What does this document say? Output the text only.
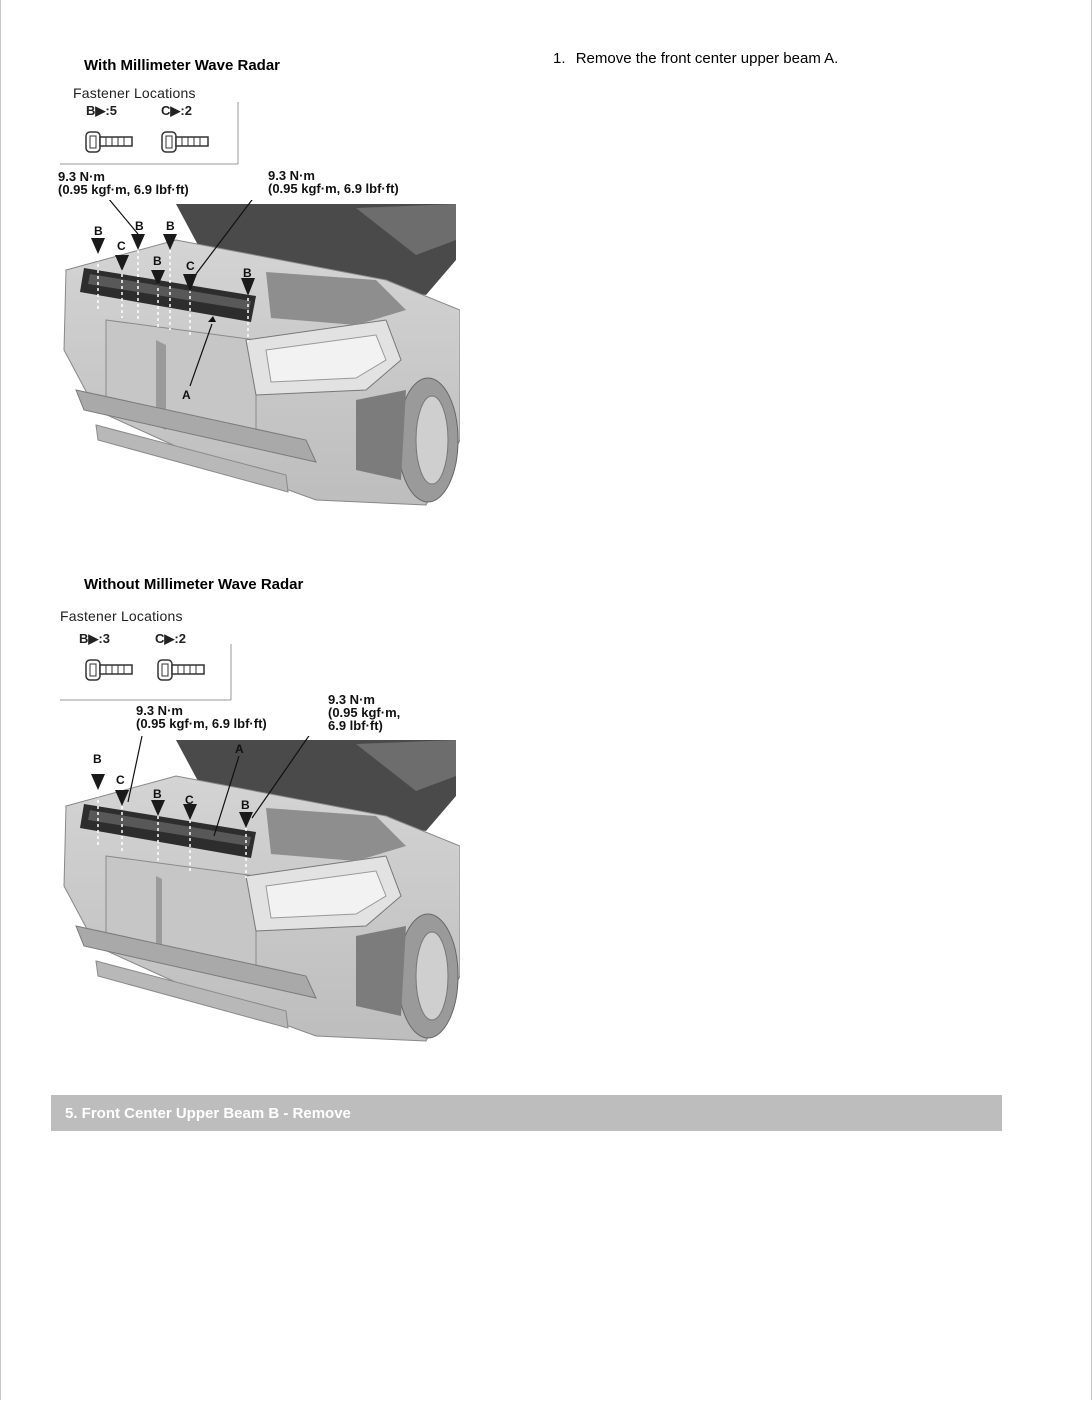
1. Remove the front center upper beam A.
With Millimeter Wave Radar
Fastener Locations
B▶:5	C▶:2
9.3 N·m
(0.95 kgf·m, 6.9 lbf·ft)
9.3 N·m
(0.95 kgf·m, 6.9 lbf·ft)
B
C
B
B
B
C	B
A
Without Millimeter Wave Radar
Fastener Locations
B▶:3	C▶:2
9.3 N·m
(0.95 kgf·m, 6.9 lbf·ft)
9.3 N·m
(0.95 kgf·m,
6.9 lbf·ft)
B
C
B C	B
A
5. Front Center Upper Beam B - Remove
